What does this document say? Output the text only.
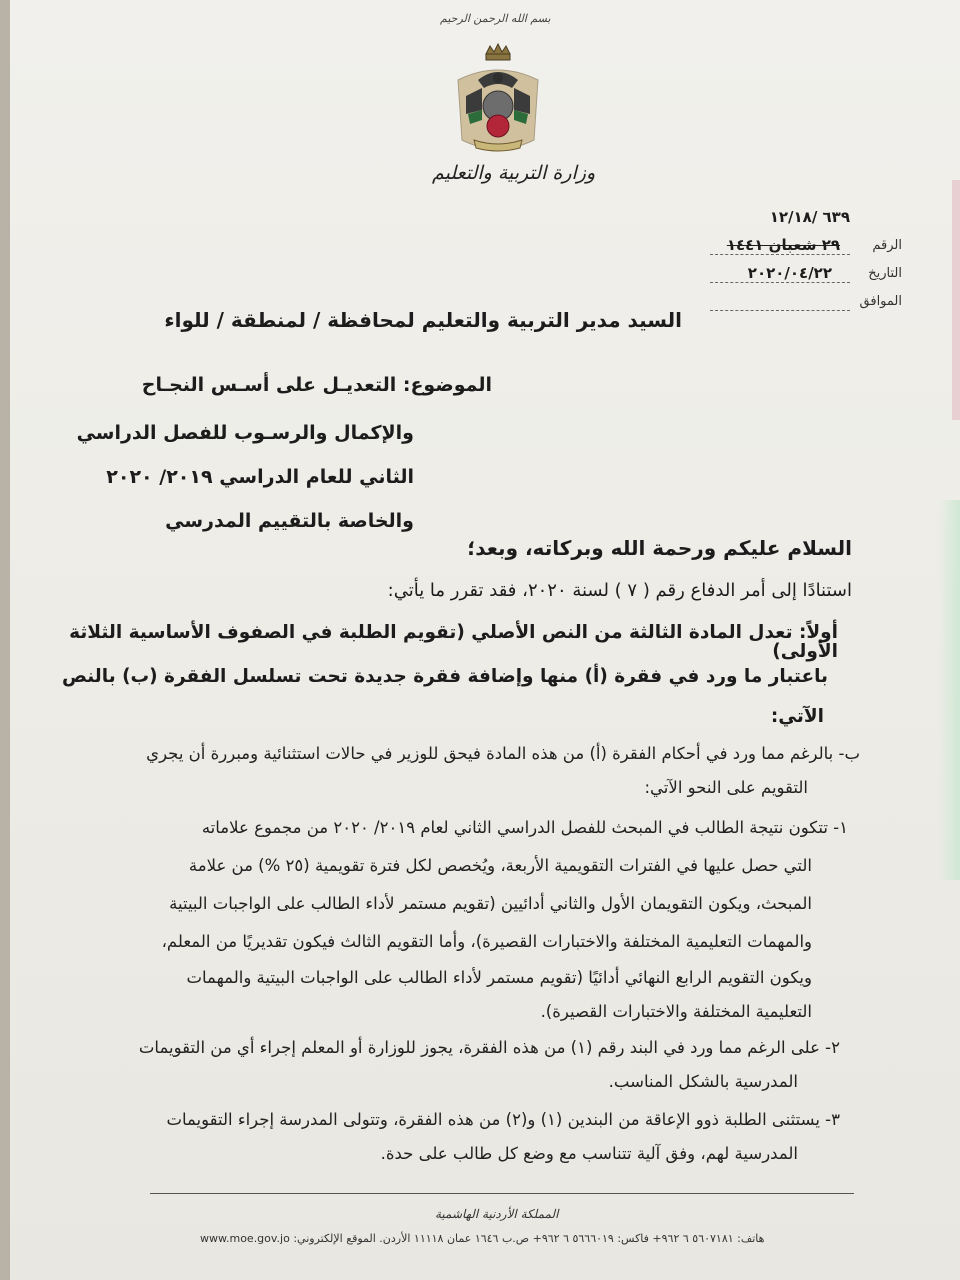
بسم الله الرحمن الرحيم
وزارة التربية والتعليم
٦٣٩ /١٢/١٨
الرقم
٢٩ شعبان ١٤٤١
التاريخ
٢٠٢٠/٠٤/٢٢
الموافق
السيد مدير التربية والتعليم لمحافظة / لمنطقة / للواء
الموضوع: التعديـل على أسـس النجـاح
والإكمال والرسـوب للفصل الدراسي
الثاني للعام الدراسي ٢٠١٩/ ٢٠٢٠
والخاصة بالتقييم المدرسي
السلام عليكم ورحمة الله وبركاته، وبعد؛
استنادًا إلى أمر الدفاع رقم ( ٧ ) لسنة ٢٠٢٠، فقد تقرر ما يأتي:
أولاً: تعدل المادة الثالثة من النص الأصلي (تقويم الطلبة في الصفوف الأساسية الثلاثة الأولى)
باعتبار ما ورد في فقرة (أ) منها وإضافة فقرة جديدة تحت تسلسل الفقرة (ب) بالنص
الآتي:
ب- بالرغم مما ورد في أحكام الفقرة (أ) من هذه المادة فيحق للوزير في حالات استثنائية ومبررة أن يجري
التقويم على النحو الآتي:
١- تتكون نتيجة الطالب في المبحث للفصل الدراسي الثاني لعام ٢٠١٩/ ٢٠٢٠ من مجموع علاماته
التي حصل عليها في الفترات التقويمية الأربعة، ويُخصص لكل فترة تقويمية (٢٥ %) من علامة
المبحث، ويكون التقويمان الأول والثاني أدائيين (تقويم مستمر لأداء الطالب على الواجبات البيتية
والمهمات التعليمية المختلفة والاختبارات القصيرة)، وأما التقويم الثالث فيكون تقديريًا من المعلم،
ويكون التقويم الرابع النهائي أدائيًا (تقويم مستمر لأداء الطالب على الواجبات البيتية والمهمات
التعليمية المختلفة والاختبارات القصيرة).
٢- على الرغم مما ورد في البند رقم (١) من هذه الفقرة، يجوز للوزارة أو المعلم إجراء أي من التقويمات
المدرسية بالشكل المناسب.
٣- يستثنى الطلبة ذوو الإعاقة من البندين (١) و(٢) من هذه الفقرة، وتتولى المدرسة إجراء التقويمات
المدرسية لهم، وفق آلية تتناسب مع وضع كل طالب على حدة.
المملكة الأردنية الهاشمية
www.moe.gov.jo هاتف: ٥٦٠٧١٨١ ٦ ٩٦٢+ فاكس: ٥٦٦٦٠١٩ ٦ ٩٦٢+ ص.ب ١٦٤٦ عمان ١١١١٨ الأردن. الموقع الإلكتروني:
